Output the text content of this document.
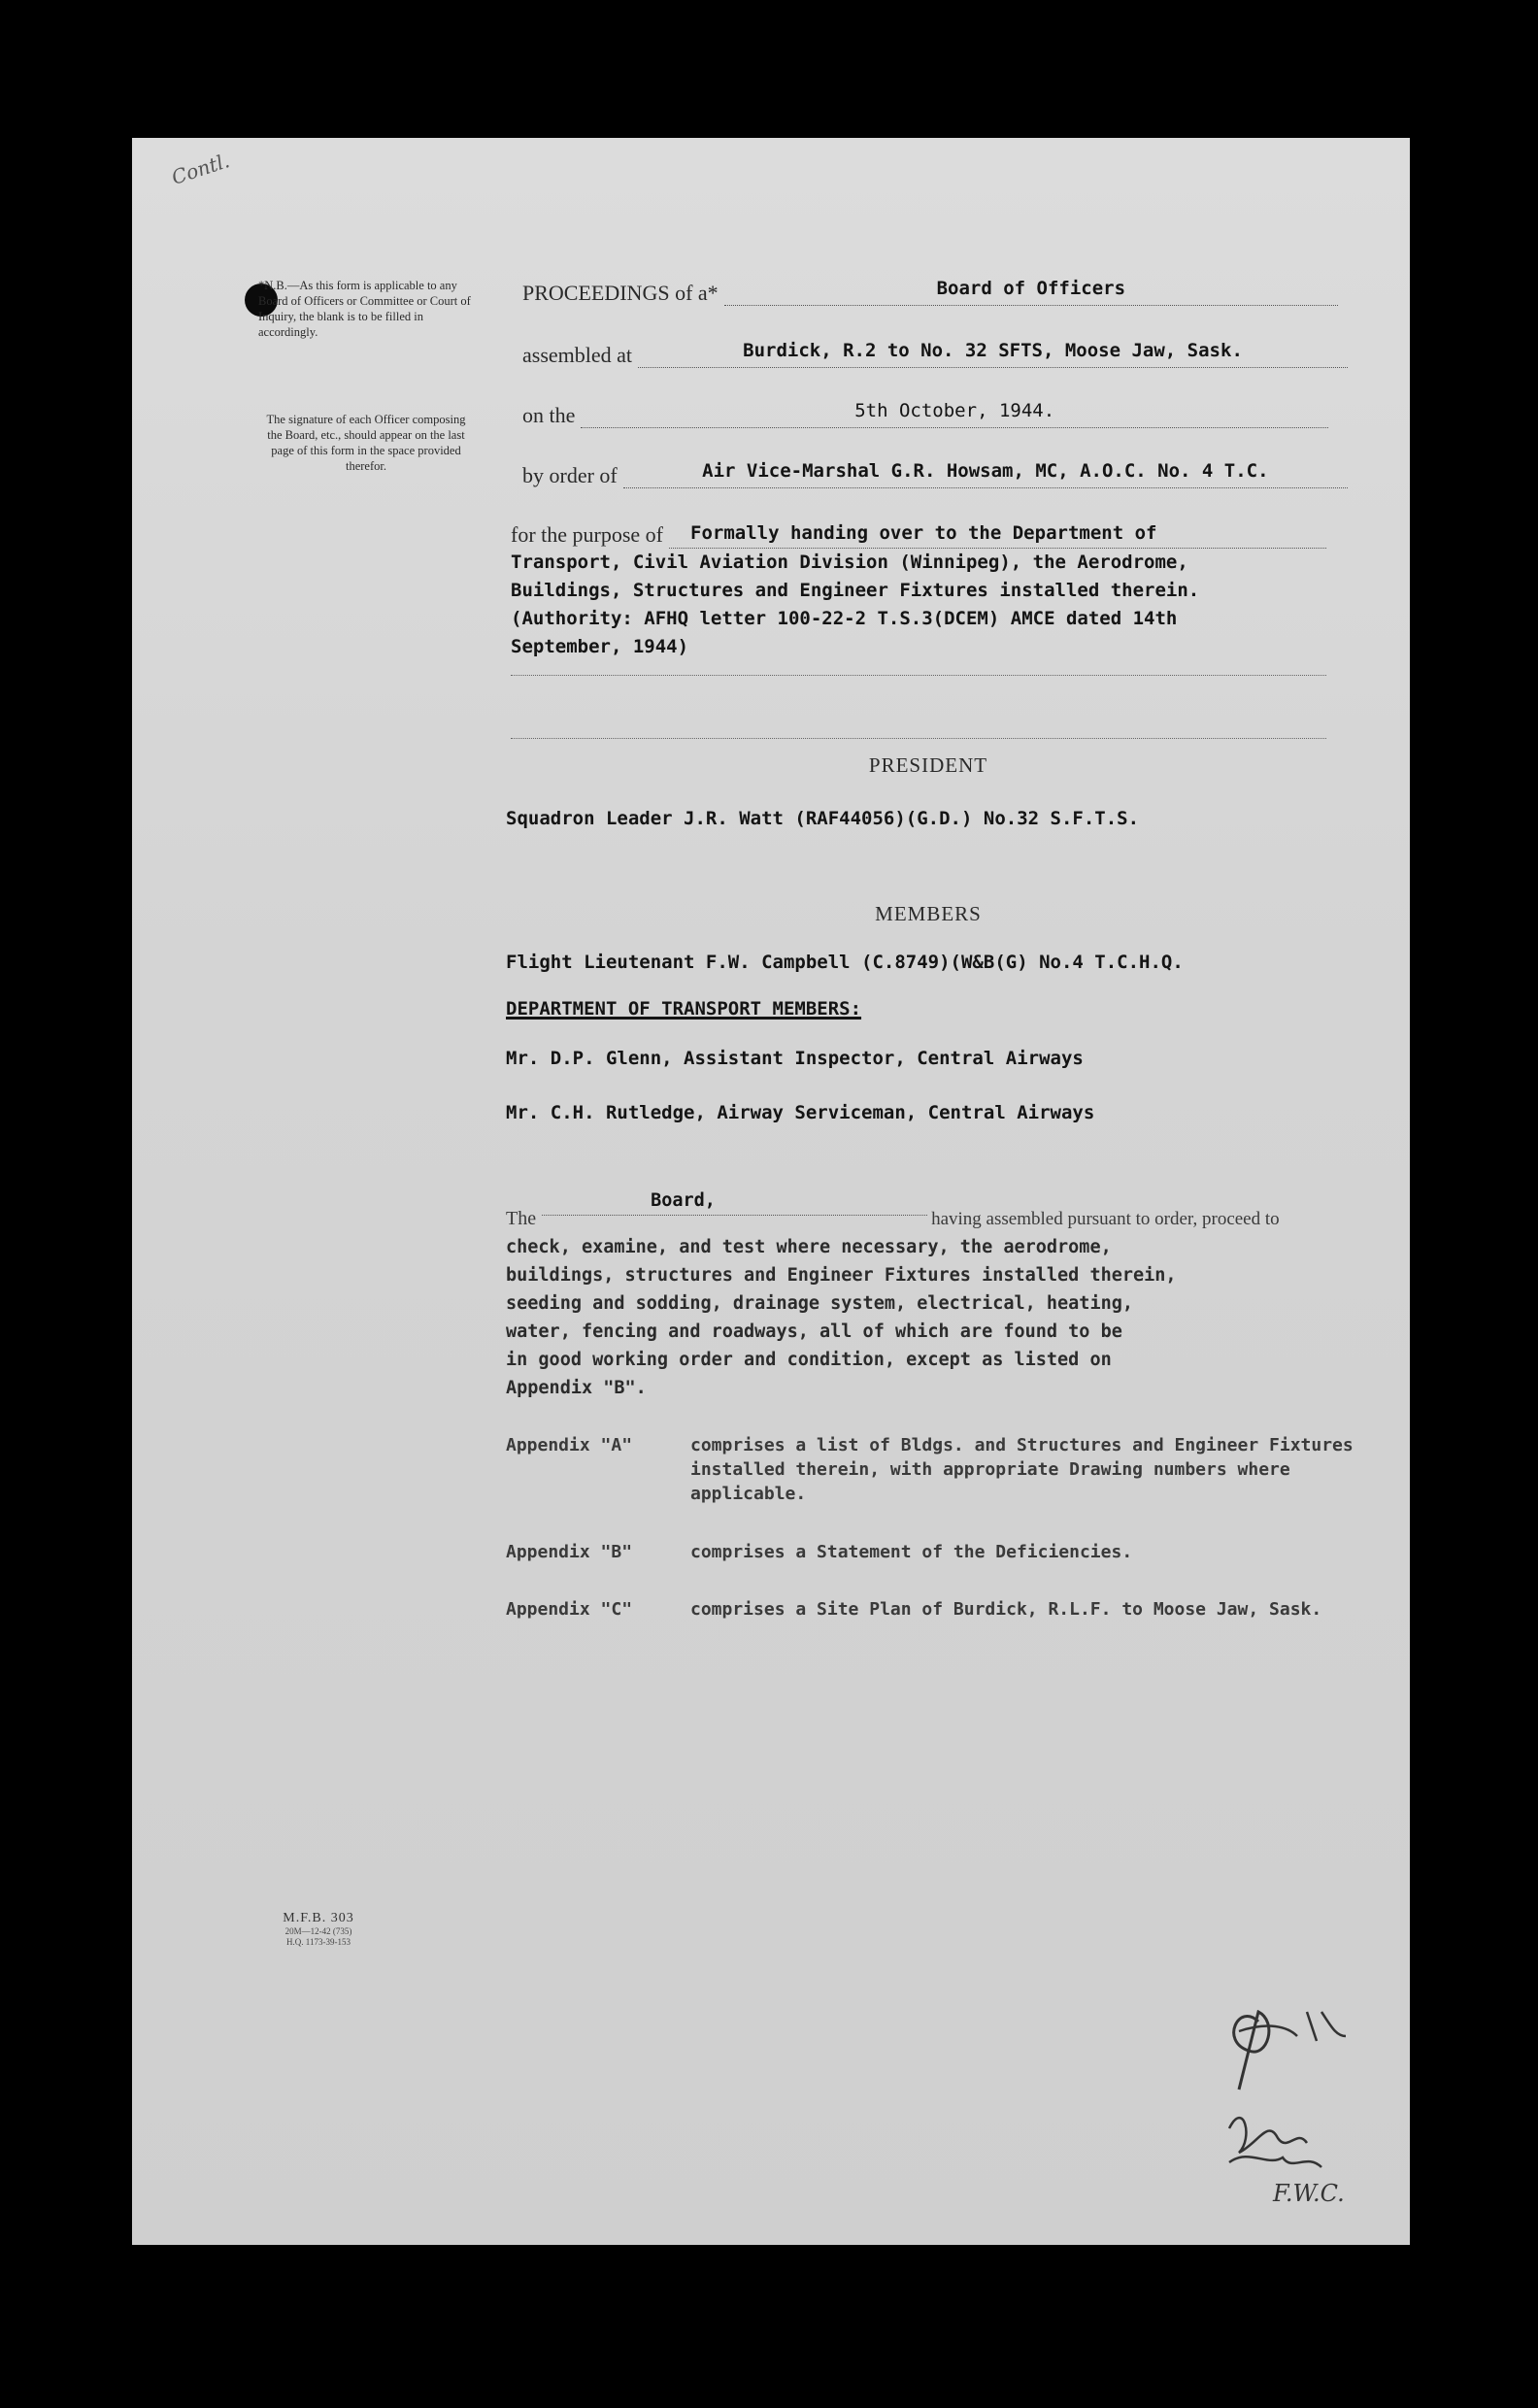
Contl.
*N.B.—As this form is applicable to any Board of Officers or Committee or Court of Inquiry, the blank is to be filled in accordingly.
The signature of each Officer composing the Board, etc., should appear on the last page of this form in the space provided therefor.
PROCEEDINGS of a*	Board of Officers
assembled at	Burdick, R.2 to No. 32 SFTS, Moose Jaw, Sask.
on the	5th October, 1944.
by order of	Air Vice-Marshal G.R. Howsam, MC, A.O.C. No. 4 T.C.
for the purpose of	Formally handing over to the Department of
Transport, Civil Aviation Division (Winnipeg), the Aerodrome,
Buildings, Structures and Engineer Fixtures installed therein.
(Authority: AFHQ letter 100-22-2 T.S.3(DCEM) AMCE dated 14th
September, 1944)
PRESIDENT
Squadron Leader J.R. Watt (RAF44056)(G.D.) No.32 S.F.T.S.
MEMBERS
Flight Lieutenant F.W. Campbell (C.8749)(W&B(G) No.4 T.C.H.Q.
DEPARTMENT OF TRANSPORT MEMBERS:
Mr. D.P. Glenn, Assistant Inspector, Central Airways
Mr. C.H. Rutledge, Airway Serviceman, Central Airways
The
Board,
having assembled pursuant to order, proceed to
check, examine, and test where necessary, the aerodrome,
buildings, structures and Engineer Fixtures installed therein,
seeding and sodding, drainage system, electrical, heating,
water, fencing and roadways, all of which are found to be
in good working order and condition, except as listed on
Appendix "B".
Appendix "A"	comprises a list of Bldgs. and Structures and Engineer Fixtures installed therein, with appropriate Drawing numbers where applicable.
Appendix "B"	comprises a Statement of the Deficiencies.
Appendix "C"	comprises a Site Plan of Burdick, R.L.F. to Moose Jaw, Sask.
M.F.B. 303
20M—12-42 (735)
H.Q. 1173-39-153
F.W.C.
